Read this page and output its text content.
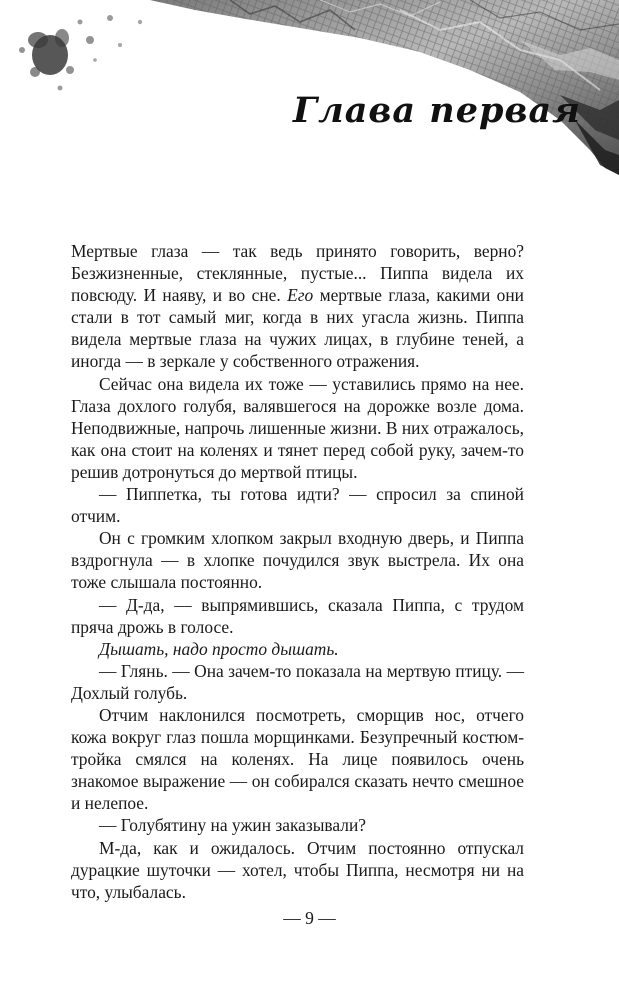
Глава первая

Мертвые глаза — так ведь принято говорить, верно? Безжизненные, стеклянные, пустые... Пиппа видела их повсюду. И наяву, и во сне. Его мертвые глаза, какими они стали в тот самый миг, когда в них угасла жизнь. Пиппа видела мертвые глаза на чужих лицах, в глубине теней, а иногда — в зеркале у собственного отражения.

Сейчас она видела их тоже — уставились прямо на нее. Глаза дохлого голубя, валявшегося на дорожке возле дома. Неподвижные, напрочь лишенные жизни. В них отражалось, как она стоит на коленях и тянет перед собой руку, зачем-то решив дотронуться до мертвой птицы.

— Пиппетка, ты готова идти? — спросил за спиной отчим.

Он с громким хлопком закрыл входную дверь, и Пиппа вздрогнула — в хлопке почудился звук выстрела. Их она тоже слышала постоянно.

— Д-да, — выпрямившись, сказала Пиппа, с трудом пряча дрожь в голосе.

Дышать, надо просто дышать.

— Глянь. — Она зачем-то показала на мертвую птицу. — Дохлый голубь.

Отчим наклонился посмотреть, сморщив нос, отчего кожа вокруг глаз пошла морщинками. Безупречный костюм-тройка смялся на коленях. На лице появилось очень знакомое выражение — он собирался сказать нечто смешное и нелепое.

— Голубятину на ужин заказывали?

М-да, как и ожидалось. Отчим постоянно отпускал дурацкие шуточки — хотел, чтобы Пиппа, несмотря ни на что, улыбалась.

— 9 —
